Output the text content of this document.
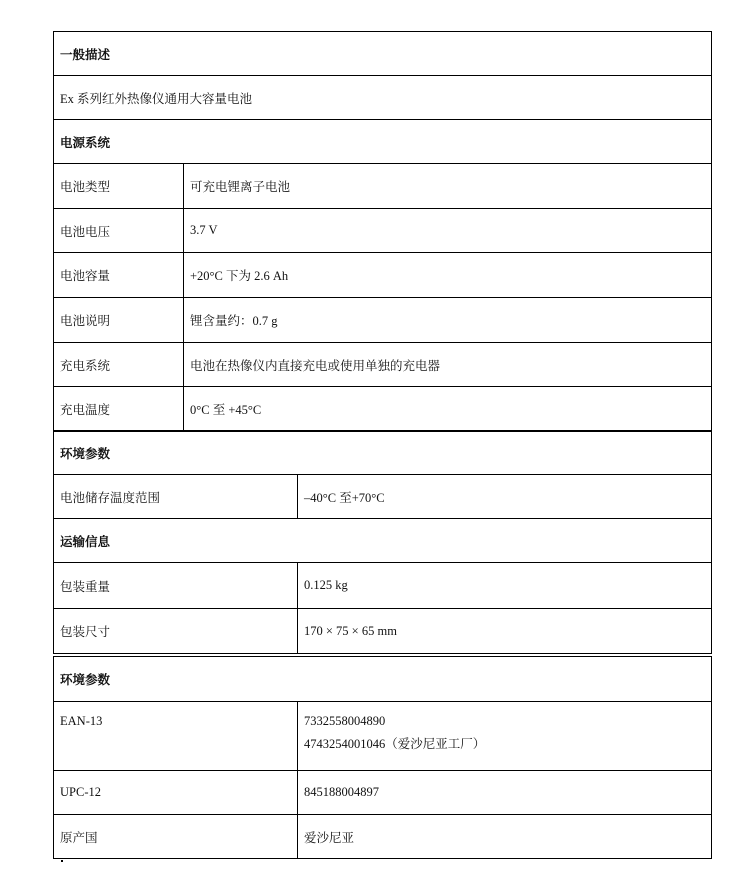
一般描述
Ex 系列红外热像仪通用大容量电池
电源系统
电池类型	可充电锂离子电池
电池电压	3.7 V
电池容量	+20°C 下为 2.6 Ah
电池说明	锂含量约：0.7 g
充电系统	电池在热像仪内直接充电或使用单独的充电器
充电温度	0°C 至 +45°C
环境参数
电池储存温度范围	–40°C 至+70°C
运输信息
包装重量	0.125 kg
包装尺寸	170 × 75 × 65 mm
环境参数
EAN-13	7332558004890
4743254001046（爱沙尼亚工厂）
UPC-12	845188004897
原产国	爱沙尼亚
